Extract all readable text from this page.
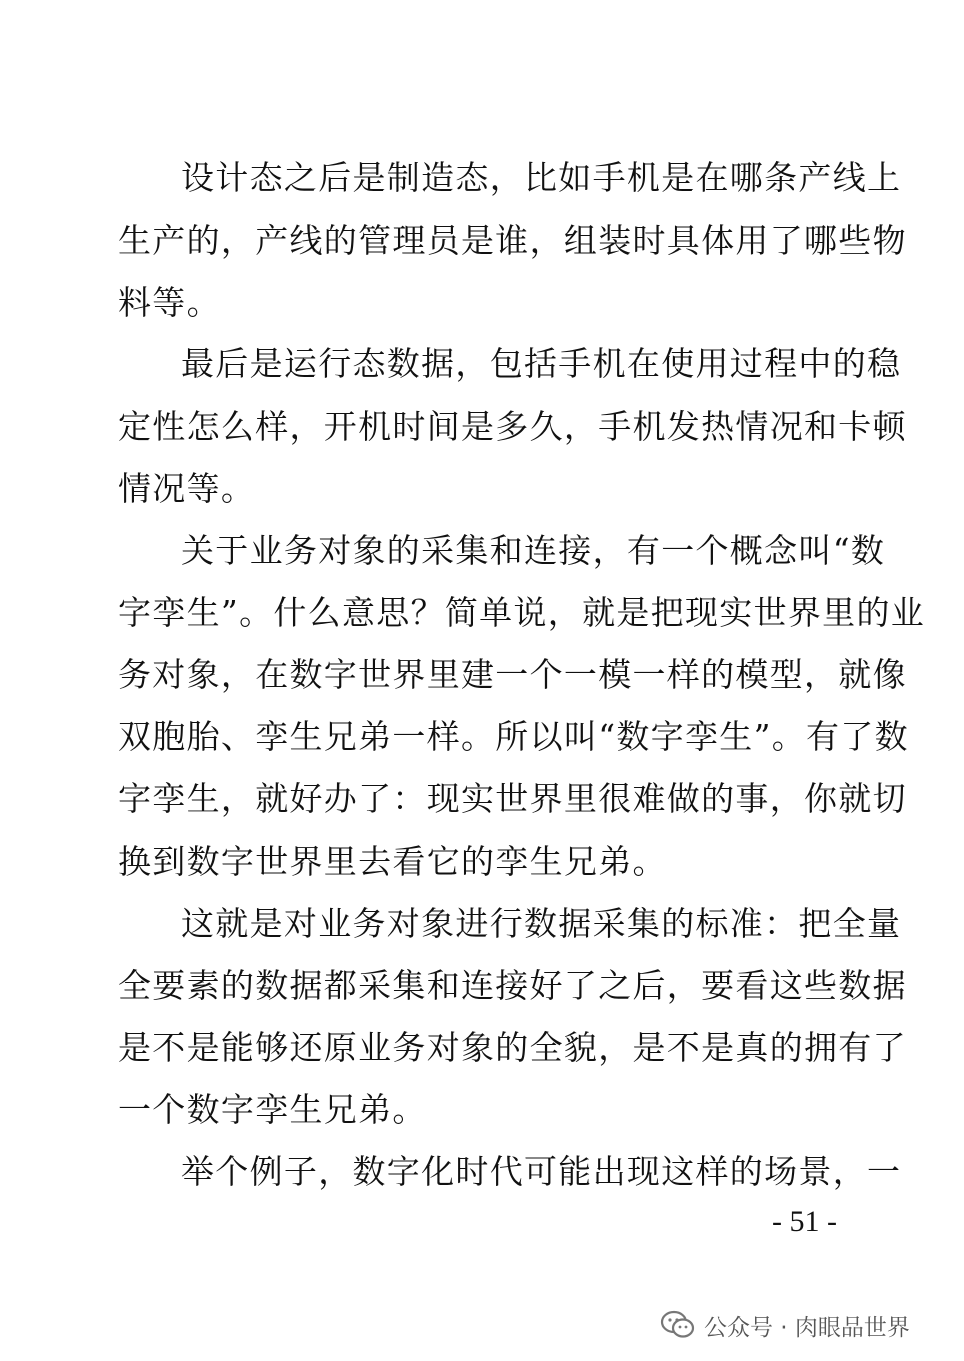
设计态之后是制造态，比如手机是在哪条产线上
生产的，产线的管理员是谁，组装时具体用了哪些物
料等。
最后是运行态数据，包括手机在使用过程中的稳
定性怎么样，开机时间是多久，手机发热情况和卡顿
情况等。
关于业务对象的采集和连接，有一个概念叫“数
字孪生”。什么意思？简单说，就是把现实世界里的业
务对象，在数字世界里建一个一模一样的模型，就像
双胞胎、孪生兄弟一样。所以叫“数字孪生”。有了数
字孪生，就好办了：现实世界里很难做的事，你就切
换到数字世界里去看它的孪生兄弟。
这就是对业务对象进行数据采集的标准：把全量
全要素的数据都采集和连接好了之后，要看这些数据
是不是能够还原业务对象的全貌，是不是真的拥有了
一个数字孪生兄弟。
举个例子，数字化时代可能出现这样的场景，一
- 51 -
公众号 · 肉眼品世界
